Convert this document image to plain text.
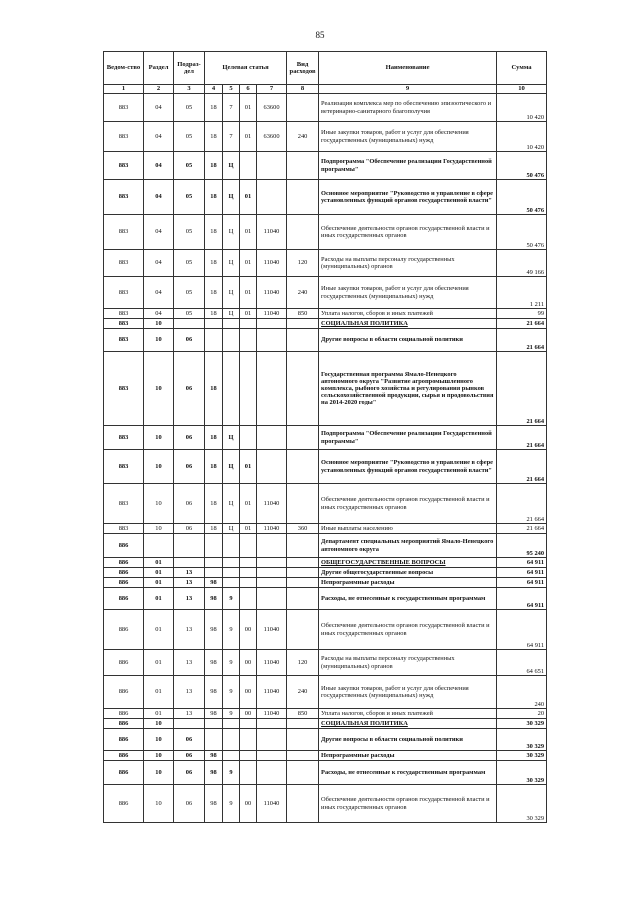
85
Ведом-ство	Раздел	Подраз-дел	Целевая статья				Вид расходов	Наименование	Сумма
1	2	3	4	5	6	7	8	9	10
883	04	05	18	7	01	63600		Реализация комплекса мер по обеспечению эпизоотического и ветеринарно-санитарного благополучия	10 420
883	04	05	18	7	01	63600	240	Иные закупки товаров, работ и услуг для обеспечения государственных (муниципальных) нужд	10 420
883	04	05	18	Ц				Подпрограмма "Обеспечение реализации Государственной программы"	50 476
883	04	05	18	Ц	01			Основное мероприятие "Руководство и управление в сфере установленных функций органов государственной власти"	50 476
883	04	05	18	Ц	01	11040		Обеспечение деятельности органов государственной власти и иных государственных органов	50 476
883	04	05	18	Ц	01	11040	120	Расходы на выплаты персоналу государственных (муниципальных) органов	49 166
883	04	05	18	Ц	01	11040	240	Иные закупки товаров, работ и услуг для обеспечения государственных (муниципальных) нужд	1 211
883	04	05	18	Ц	01	11040	850	Уплата налогов, сборов и иных платежей	99
883	10							СОЦИАЛЬНАЯ ПОЛИТИКА	21 664
883	10	06						Другие вопросы в области социальной политики	21 664
883	10	06	18					Государственная программа Ямало-Ненецкого автономного округа "Развитие агропромышленного комплекса, рыбного хозяйства и регулирования рынков сельскохозяйственной продукции, сырья и продовольствия на 2014-2020 годы"	21 664
883	10	06	18	Ц				Подпрограмма "Обеспечение реализации Государственной программы"	21 664
883	10	06	18	Ц	01			Основное мероприятие "Руководство и управление в сфере установленных функций органов государственной власти"	21 664
883	10	06	18	Ц	01	11040		Обеспечение деятельности органов государственной власти и иных государственных органов	21 664
883	10	06	18	Ц	01	11040	360	Иные выплаты населению	21 664
886								Департамент специальных мероприятий Ямало-Ненецкого автономного округа	95 240
886	01							ОБЩЕГОСУДАРСТВЕННЫЕ ВОПРОСЫ	64 911
886	01	13						Другие общегосударственные вопросы	64 911
886	01	13	98					Непрограммные расходы	64 911
886	01	13	98	9				Расходы, не отнесенные к государственным программам	64 911
886	01	13	98	9	00	11040		Обеспечение деятельности органов государственной власти и иных государственных органов	64 911
886	01	13	98	9	00	11040	120	Расходы на выплаты персоналу государственных (муниципальных) органов	64 651
886	01	13	98	9	00	11040	240	Иные закупки товаров, работ и услуг для обеспечения государственных (муниципальных) нужд	240
886	01	13	98	9	00	11040	850	Уплата налогов, сборов и иных платежей	20
886	10							СОЦИАЛЬНАЯ ПОЛИТИКА	30 329
886	10	06						Другие вопросы в области социальной политики	30 329
886	10	06	98					Непрограммные расходы	30 329
886	10	06	98	9				Расходы, не отнесенные к государственным программам	30 329
886	10	06	98	9	00	11040		Обеспечение деятельности органов государственной власти и иных государственных органов	30 329
